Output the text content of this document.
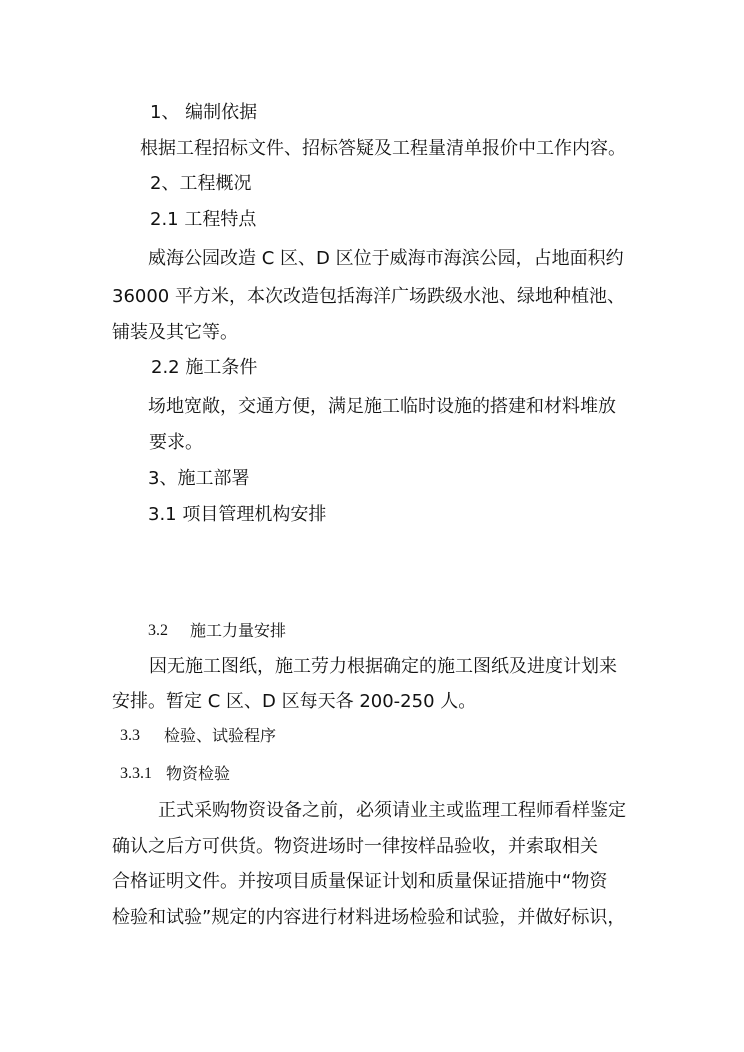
1、 编制依据
根据工程招标文件、招标答疑及工程量清单报价中工作内容。
2、工程概况
2.1 工程特点
威海公园改造 C 区、D 区位于威海市海滨公园，占地面积约
36000 平方米，本次改造包括海洋广场跌级水池、绿地种植池、
铺装及其它等。
2.2 施工条件
场地宽敞，交通方便，满足施工临时设施的搭建和材料堆放
要求。
3、施工部署
3.1 项目管理机构安排
3.2 施工力量安排
因无施工图纸，施工劳力根据确定的施工图纸及进度计划来
安排。暂定 C 区、D 区每天各 200-250 人。
3.3 检验、试验程序
3.3.1 物资检验
正式采购物资设备之前，必须请业主或监理工程师看样鉴定
确认之后方可供货。物资进场时一律按样品验收，并索取相关
合格证明文件。并按项目质量保证计划和质量保证措施中“物资
检验和试验”规定的内容进行材料进场检验和试验，并做好标识，
